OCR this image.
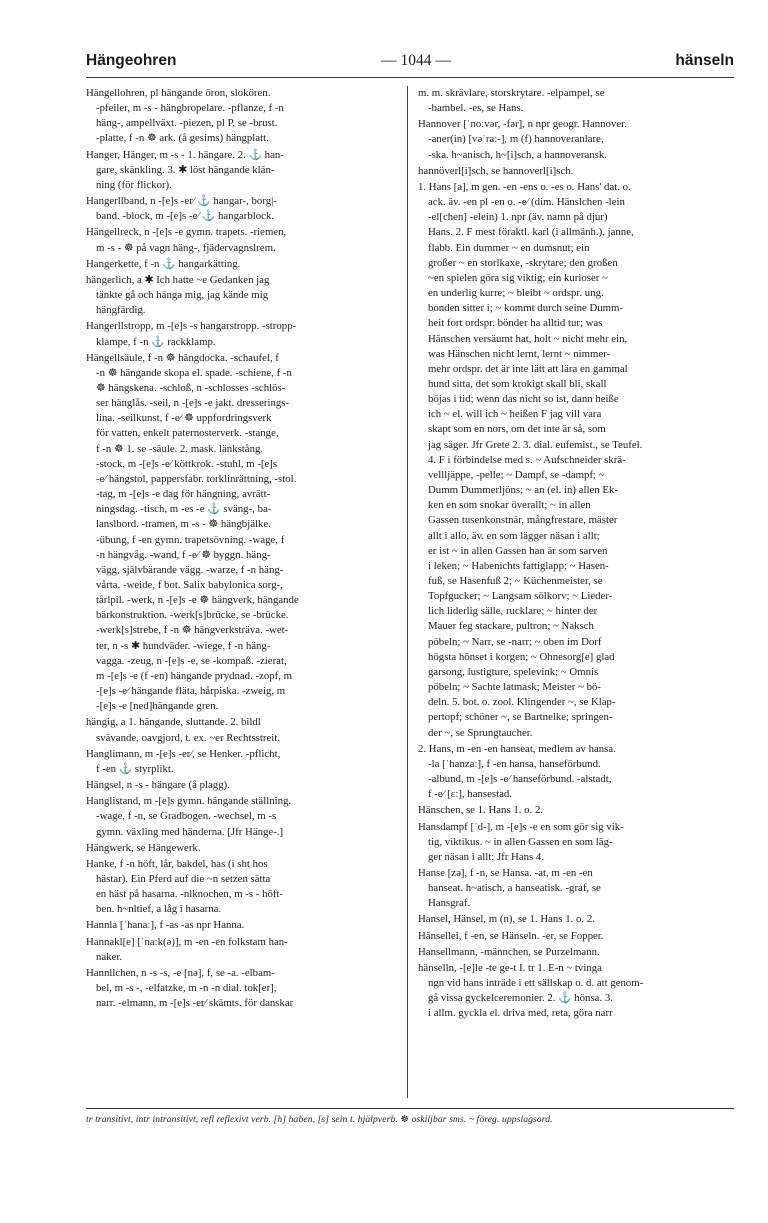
Hängeohren	— 1044 —	hänseln
Hängellohren, pl hängande öron, slokören.
-pfeiler, m -s - hängbropelare. -pflanze, f -n
häng-, ampellväxt. -piezen, pl P, se -brust.
-platte, f -n ☸ ark. (å gesims) hängplatt.
Hanger, Hänger, m -s - 1. hängare. 2. ⚓ han-
gare, skänkling. 3. ✱ löst hängande klän-
ning (för flickor).
Hangerllband, n -[e]s -er⁄ ⚓ hangar-, borg|-
band. -block, m -[e]s -e⁄ ⚓ hangarblock.
Hängellreck, n -[e]s -e gymn. trapets. -riemen,
m -s - ☸ på vagn häng-, fjädervagnslrem.
Hangerkette, f -n ⚓ hangarkätting.
hängerlich, a ✱ Ich hatte ~e Gedanken jag
tänkte gå och hänga mig, jag kände mig
hängfärdig.
Hangerllstropp, m -[e]s -s hangarstropp. -stropp-
klampe, f -n ⚓ rackklamp.
Hängellsäule, f -n ☸ hängdocka. -schaufel, f
-n ☸ hängande skopa el. spade. -schiene, f -n
☸ hängskena. -schloß, n -schlosses -schlös-
ser hänglås. -seil, n -[e]s -e jakt. dresserings-
lina. -seilkunst, f -e⁄ ☸ uppfordringsverk
för vatten, enkelt paternosterverk. -stange,
f -n ☸ 1. se -säule. 2. mask. länkstång.
-stock, m -[e]s -e⁄ köttkrok. -stuhl, m -[e]s
-e⁄ hängstol, pappersfabr. torklinrättning, -stol.
-tag, m -[e]s -e dag för hängning, avrätt-
ningsdag. -tisch, m -es -e ⚓ sväng-, ba-
lanslbord. -tramen, m -s - ☸ hängbjälke.
-übung, f -en gymn. trapetsövning. -wage, f
-n hängvåg. -wand, f -e⁄ ☸ byggn. häng-
vägg, självbärande vägg. -warze, f -n häng-
vårta. -weide, f bot. Salix babylonica sorg-,
tårlpil. -werk, n -[e]s -e ☸ hängverk, hängande
bärkonstruktion. -werk[s]brücke, se -brücke.
-werk[s]strebe, f -n ☸ hängverksträva. -wet-
ter, n -s ✱ hundväder. -wiege, f -n häng-
vagga. -zeug, n -[e]s -e, se -kompaß. -zierat,
m -[e]s -e (f -en) hängande prydnad. -zopf, m
-[e]s -e⁄ hängande fläta, hårpiska. -zweig, m
-[e]s -e [ned]hängande gren.
hängig, a 1. hängande, sluttande. 2. bildl
svävande, oavgjord, t. ex. ~er Rechtsstreit.
Hanglimann, m -[e]s -er⁄, se Henker. -pflicht,
f -en ⚓ styrplikt.
Hängsel, n -s - hängare (å plagg).
Hanglistand, m -[e]s gymn. hängande ställning.
-wage, f -n, se Gradbogen. -wechsel, m -s
gymn. växling med händerna. [Jfr Hänge-.]
Hängwerk, se Hängewerk.
Hanke, f -n höft, lår, bakdel, has (i sht hos
hästar). Ein Pferd auf die ~n setzen sätta
en häst på hasarna. -nlknochen, m -s - höft-
ben. h~nltief, a låg i hasarna.
Hannla [ˈhanaː], f -as -as npr Hanna.
Hannakl[e] [ˈnaːk(ə)], m -en -en folkstam han-
naker.
Hannllchen, n -s -s, -e [nə], f, se -a. -elbam-
bel, m -s -, -elfatzke, m -n -n dial. tok[er],
narr. -elmann, m -[e]s -er⁄ skämts. för danskar
m. m. skrävlare, storskrytare. -elpampel, se
-bambel. -es, se Hans.
Hannover [ˈnoːvər, -fər], n npr geogr. Hannover.
-aner(in) [vəˈraː-], m (f) hannoveranlare,
-ska. h~anisch, h~[i]sch, a hannoveransk.
hannöverl[i]sch, se hannoverl[i]sch.
1. Hans [a], m gen. -en -ens o. -es o. Hans' dat. o.
ack. äv. -en pl -en o. -e⁄ (dim. Hänslchen -lein
-el[chen] -elein) 1. npr (äv. namn på djur)
Hans. 2. F mest föraktl. karl (i allmänh.), janne,
flabb. Ein dummer ~ en dumsnut; ein
großer ~ en storlkaxe, -skrytare; den großen
~en spielen göra sig viktig; ein kurioser ~
en underlig kurre; ~ bleibt ~ ordspr. ung.
bonden sitter i; ~ kommt durch seine Dumm-
heit fort ordspr. bönder ha alltid tur; was
Hänschen versäumt hat, holt ~ nicht mehr ein,
was Hänschen nicht lernt, lernt ~ nimmer-
mehr ordspr. det är inte lätt att lära en gammal
hund sitta, det som krokigt skall bli, skall
böjas i tid; wenn das nicht so ist, dann heiße
ich ~ el. will ich ~ heißen F jag vill vara
skapt som en nors, om det inte är så, som
jag säger. Jfr Grete 2. 3. dial. eufemist., se Teufel.
4. F i förbindelse med s. ~ Aufschneider skrä-
vellljäppe, -pelle; ~ Dampf, se -dampf; ~
Dumm Dummerljöns; ~ an (el. in) allen Ek-
ken en som snokar överallt; ~ in allen
Gassen tusenkonstnär, mångfrestare, mäster
allt i allo, äv. en som lägger näsan i allt;
er ist ~ in allen Gassen han är som sarven
i leken; ~ Habenichts fattiglapp; ~ Hasen-
fuß, se Hasenfuß 2; ~ Küchenmeister, se
Topfgucker; ~ Langsam sölkorv; ~ Lieder-
lich liderlig sälle, rucklare; ~ hinter der
Mauer feg stackare, pultron; ~ Naksch
pöbeln; ~ Narr, se -narr; ~ oben im Dorf
högsta hönset i korgen; ~ Ohnesorg[e] glad
garsong, lustigture, spelevink; ~ Omnis
pöbeln; ~ Sachte latmask; Meister ~ bö-
deln. 5. bot. o. zool. Klingender ~, se Klap-
pertopf; schöner ~, se Bartnelke; springen-
der ~, se Sprungtaucher.
2. Hans, m -en -en hanseat, medlem av hansa.
-la [ˈhanzaː], f -en hansa, hanseförbund.
-albund, m -[e]s -e⁄ hanseförbund. -alstadt,
f -e⁄ [ɛː], hansestad.
Hänschen, se 1. Hans 1. o. 2.
Hansdampf [ˈd-], m -[e]s -e en som gör sig vik-
tig, viktikus. ~ in allen Gassen en som läg-
ger näsan i allt; Jfr Hans 4.
Hanse [zə], f -n, se Hansa. -at, m -en -en
hanseat. h~atisch, a hanseatisk. -graf, se
Hansgraf.
Hansel, Hänsel, m (n), se 1. Hans 1. o. 2.
Hänsellei, f -en, se Hänseln. -er, se Fopper.
Hansellmann, -männchen, se Purzelmann.
hänselln, -[e]le -te ge-t I. tr 1. E-n ~ tvinga
ngn vid hans inträde i ett sällskap o. d. att genom-
gå vissa gyckelceremonier. 2. ⚓ hönsa. 3.
i allm. gyckla el. driva med, reta, göra narr
tr transitivt, intr intransitivt, refl reflexivt verb. [h] haben, [s] sein t. hjälpverb. ☸ oskiljbar sms. ~ föreg. uppslagsord.
